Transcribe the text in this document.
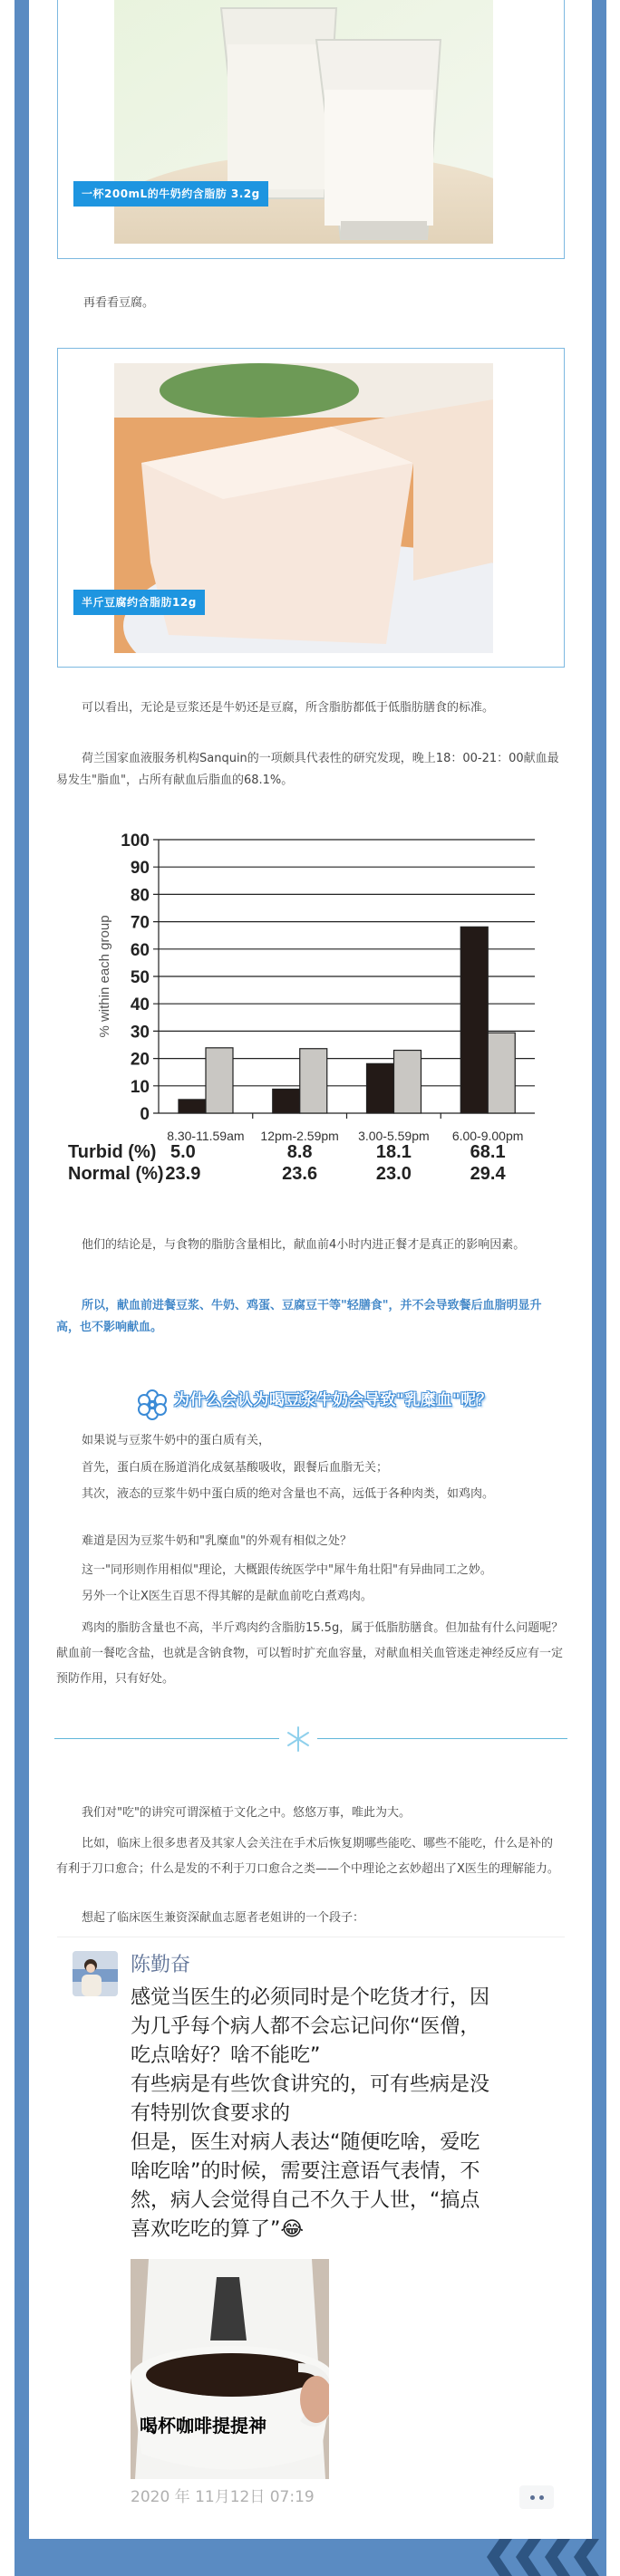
一杯200mL的牛奶约含脂肪 3.2g
再看看豆腐。
半斤豆腐约含脂肪12g
可以看出，无论是豆浆还是牛奶还是豆腐，所含脂肪都低于低脂肪膳食的标准。
荷兰国家血液服务机构Sanquin的一项颇具代表性的研究发现，晚上18：00-21：00献血最易发生"脂血"，占所有献血后脂血的68.1%。
0
10
20
30
40
50
60
70
80
90
100
% within each group
8.30-11.59am 12pm-2.59pm 3.00-5.59pm 6.00-9.00pm
Turbid (%) 5.0	8.8	18.1	68.1
Normal (%) 23.9	23.6	23.0	29.4
他们的结论是，与食物的脂肪含量相比，献血前4小时内进正餐才是真正的影响因素。
所以，献血前进餐豆浆、牛奶、鸡蛋、豆腐豆干等"轻膳食"，并不会导致餐后血脂明显升高，也不影响献血。
为什么会认为喝豆浆牛奶会导致"乳糜血"呢？
如果说与豆浆牛奶中的蛋白质有关，
首先，蛋白质在肠道消化成氨基酸吸收，跟餐后血脂无关；
其次，液态的豆浆牛奶中蛋白质的绝对含量也不高，远低于各种肉类，如鸡肉。
难道是因为豆浆牛奶和"乳糜血"的外观有相似之处？
这一"同形则作用相似"理论，大概跟传统医学中"犀牛角壮阳"有异曲同工之妙。
另外一个让X医生百思不得其解的是献血前吃白煮鸡肉。
鸡肉的脂肪含量也不高，半斤鸡肉约含脂肪15.5g，属于低脂肪膳食。但加盐有什么问题呢？献血前一餐吃含盐，也就是含钠食物，可以暂时扩充血容量，对献血相关血管迷走神经反应有一定预防作用，只有好处。
我们对"吃"的讲究可谓深植于文化之中。悠悠万事，唯此为大。
比如，临床上很多患者及其家人会关注在手术后恢复期哪些能吃、哪些不能吃，什么是补的有利于刀口愈合；什么是发的不利于刀口愈合之类——个中理论之玄妙超出了X医生的理解能力。
想起了临床医生兼资深献血志愿者老姐讲的一个段子：
陈勤奋
感觉当医生的必须同时是个吃货才行，因为几乎每个病人都不会忘记问你“医僧，吃点啥好？啥不能吃”
有些病是有些饮食讲究的，可有些病是没有特别饮食要求的
但是，医生对病人表达“随便吃啥，爱吃啥吃啥”的时候，需要注意语气表情，不然，病人会觉得自己不久于人世，“搞点喜欢吃吃的算了”😂
喝杯咖啡提提神
2020 年 11月12日 07:19
